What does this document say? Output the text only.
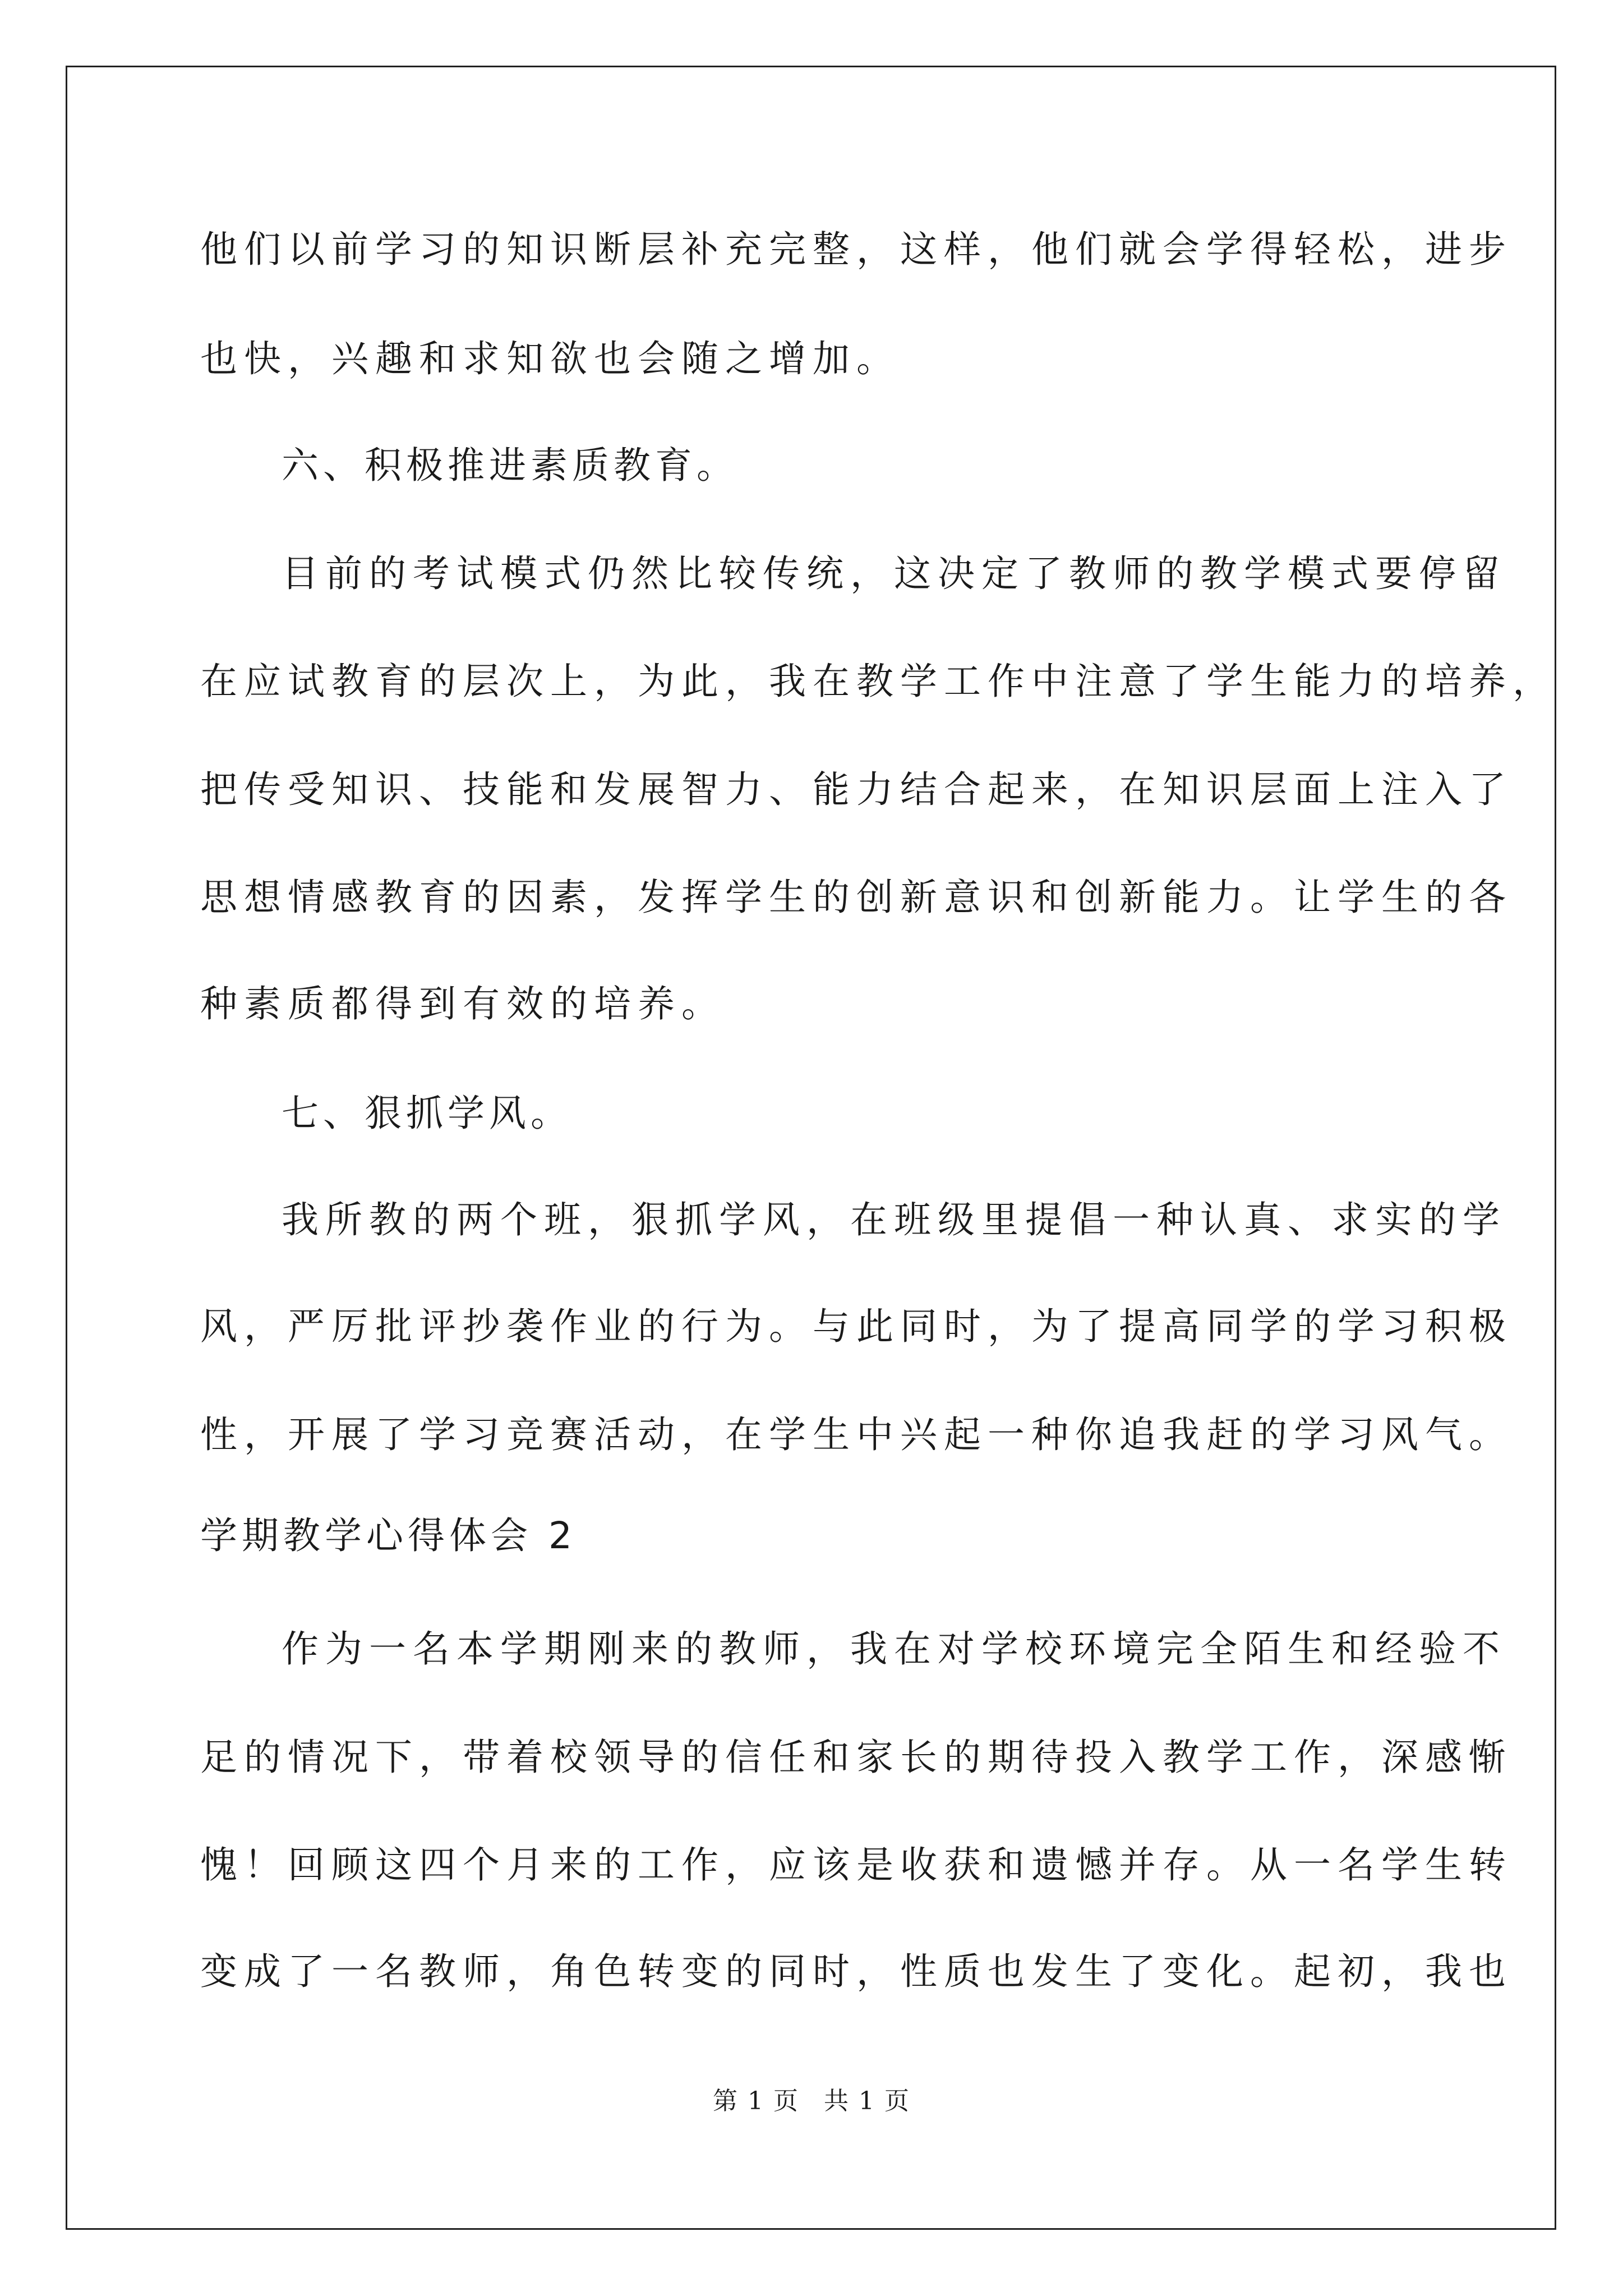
他们以前学习的知识断层补充完整，这样，他们就会学得轻松，进步
也快，兴趣和求知欲也会随之增加。
六、积极推进素质教育。
目前的考试模式仍然比较传统，这决定了教师的教学模式要停留
在应试教育的层次上，为此，我在教学工作中注意了学生能力的培养，
把传受知识、技能和发展智力、能力结合起来，在知识层面上注入了
思想情感教育的因素，发挥学生的创新意识和创新能力。让学生的各
种素质都得到有效的培养。
七、狠抓学风。
我所教的两个班，狠抓学风，在班级里提倡一种认真、求实的学
风，严厉批评抄袭作业的行为。与此同时，为了提高同学的学习积极
性，开展了学习竞赛活动，在学生中兴起一种你追我赶的学习风气。
学期教学心得体会 2
作为一名本学期刚来的教师，我在对学校环境完全陌生和经验不
足的情况下，带着校领导的信任和家长的期待投入教学工作，深感惭
愧！回顾这四个月来的工作，应该是收获和遗憾并存。从一名学生转
变成了一名教师，角色转变的同时，性质也发生了变化。起初，我也
第 1 页 共 1 页
